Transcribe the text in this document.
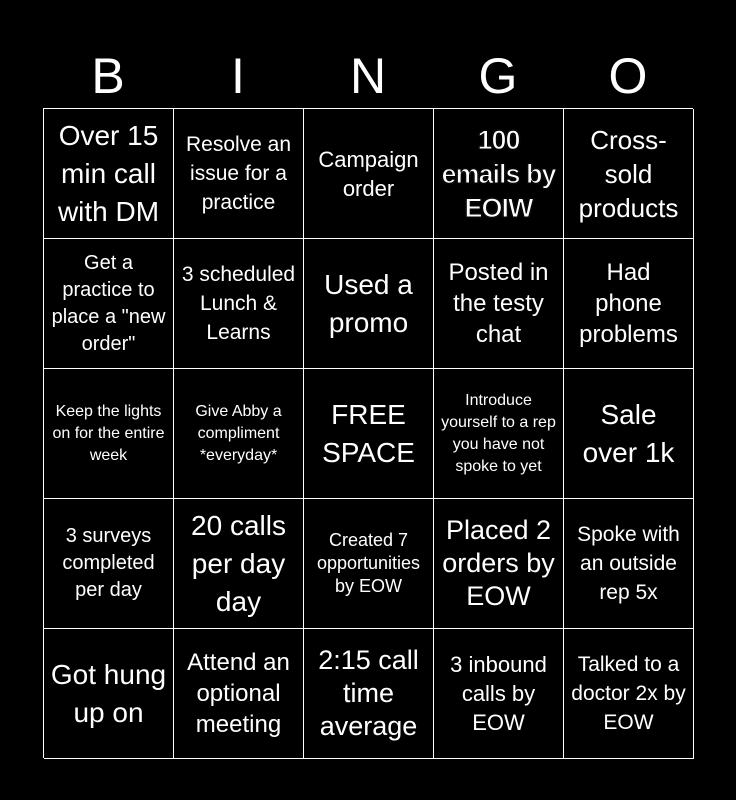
B	I	N	G	O
Over 15 min call with DM
Resolve an issue for a practice
Campaign order
100 emails by EOIW
Cross-sold products
Get a practice to place a "new order"
3 scheduled Lunch & Learns
Used a promo
Posted in the testy chat
Had phone problems
Keep the lights on for the entire week
Give Abby a compliment *everyday*
FREE SPACE
Introduce yourself to a rep you have not spoke to yet
Sale over 1k
3 surveys completed per day
20 calls per day day
Created 7 opportunities by EOW
Placed 2 orders by EOW
Spoke with an outside rep 5x
Got hung up on
Attend an optional meeting
2:15 call time average
3 inbound calls by EOW
Talked to a doctor 2x by EOW
